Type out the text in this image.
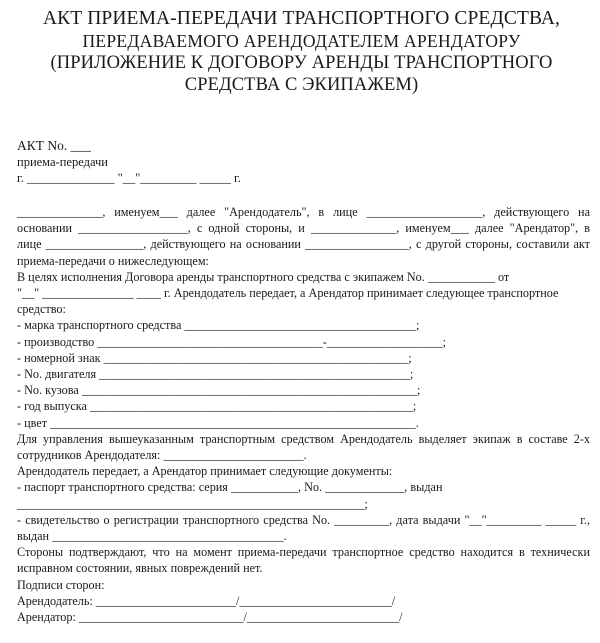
АКТ ПРИЕМА-ПЕРЕДАЧИ ТРАНСПОРТНОГО СРЕДСТВА,
ПЕРЕДАВАЕМОГО АРЕНДОДАТЕЛЕМ АРЕНДАТОРУ
(ПРИЛОЖЕНИЕ К ДОГОВОРУ АРЕНДЫ ТРАНСПОРТНОГО
СРЕДСТВА С ЭКИПАЖЕМ)
АКТ No. ___
приема-передачи
г. ______________ "__"_________ _____ г.
______________, именуем___ далее "Арендодатель", в лице ___________________, действующего на
основании __________________, с одной стороны, и ______________, именуем___ далее "Арендатор", в
лице ________________, действующего на основании _________________, с другой стороны, составили акт
приема-передачи о нижеследующем:
В целях исполнения Договора аренды транспортного средства с экипажем No. ___________ от
"__" _______________ ____ г. Арендодатель передает, а Арендатор принимает следующее транспортное
средство:
- марка транспортного средства ______________________________________;
- производство _____________________________________-___________________;
- номерной знак __________________________________________________;
- No. двигателя ___________________________________________________;
- No. кузова _______________________________________________________;
- год выпуска _____________________________________________________;
- цвет ____________________________________________________________.
Для управления вышеуказанным транспортным средством Арендодатель выделяет экипаж в составе 2-х
сотрудников Арендодателя: _______________________.
Арендодатель передает, а Арендатор принимает следующие документы:
- паспорт транспортного средства: серия ___________, No. _____________, выдан
_________________________________________________________;
- свидетельство о регистрации транспортного средства No. _________, дата выдачи "__"_________ _____ г.,
выдан ______________________________________.
Стороны подтверждают, что на момент приема-передачи транспортное средство находится в технически
исправном состоянии, явных повреждений нет.
Подписи сторон:
Арендодатель: _______________________/_________________________/
Арендатор: ___________________________/_________________________/
